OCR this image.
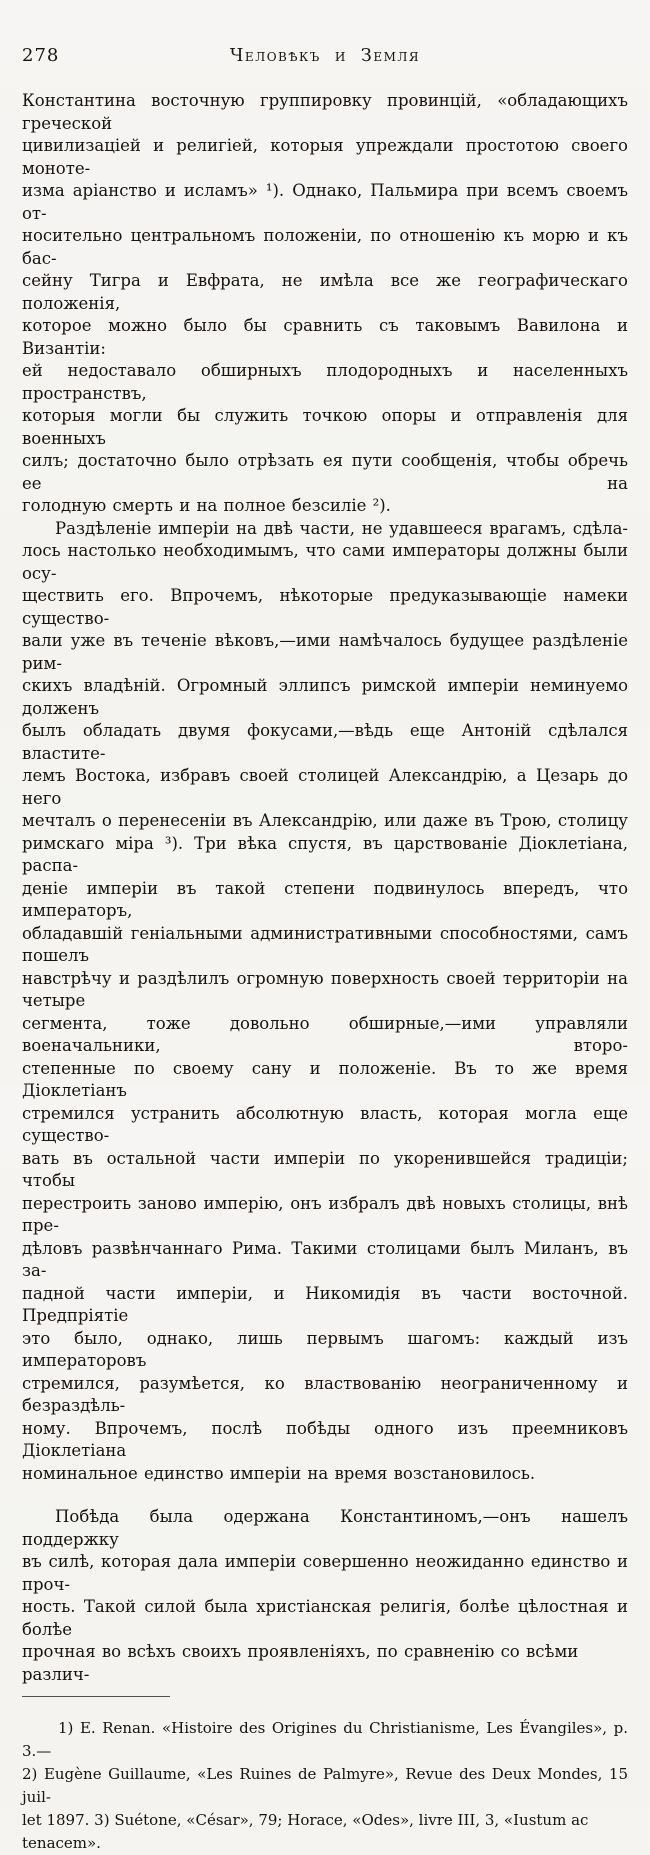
278	Человѣкъ и Земля
Константина восточную группировку провинцій, «обладающихъ греческой
цивилизаціей и религіей, которыя упреждали простотою своего моноте-
изма аріанство и исламъ» ¹). Однако, Пальмира при всемъ своемъ от-
носительно центральномъ положеніи, по отношенію къ морю и къ бас-
сейну Тигра и Евфрата, не имѣла все же географическаго положенія,
которое можно было бы сравнить съ таковымъ Вавилона и Византіи:
ей недоставало обширныхъ плодородныхъ и населенныхъ пространствъ,
которыя могли бы служить точкою опоры и отправленія для военныхъ
силъ; достаточно было отрѣзать ея пути сообщенія, чтобы обречь ее на
голодную смерть и на полное безсиліе ²).
Раздѣленіе имперіи на двѣ части, не удавшееся врагамъ, сдѣла-
лось настолько необходимымъ, что сами императоры должны были осу-
ществить его. Впрочемъ, нѣкоторые предуказывающіе намеки существо-
вали уже въ теченіе вѣковъ,—ими намѣчалось будущее раздѣленіе рим-
скихъ владѣній. Огромный эллипсъ римской имперіи неминуемо долженъ
былъ обладать двумя фокусами,—вѣдь еще Антоній сдѣлался властите-
лемъ Востока, избравъ своей столицей Александрію, а Цезарь до него
мечталъ о перенесеніи въ Александрію, или даже въ Трою, столицу
римскаго міра ³). Три вѣка спустя, въ царствованіе Діоклетіана, распа-
деніе имперіи въ такой степени подвинулось впередъ, что императоръ,
обладавшій геніальными административными способностями, самъ пошелъ
навстрѣчу и раздѣлилъ огромную поверхность своей территоріи на четыре
сегмента, тоже довольно обширные,—ими управляли военачальники, второ-
степенные по своему сану и положеніе. Въ то же время Діоклетіанъ
стремился устранить абсолютную власть, которая могла еще существо-
вать въ остальной части имперіи по укоренившейся традиціи; чтобы
перестроить заново имперію, онъ избралъ двѣ новыхъ столицы, внѣ пре-
дѣловъ развѣнчаннаго Рима. Такими столицами былъ Миланъ, въ за-
падной части имперіи, и Никомидія въ части восточной. Предпріятіе
это было, однако, лишь первымъ шагомъ: каждый изъ императоровъ
стремился, разумѣется, ко властвованію неограниченному и безраздѣль-
ному. Впрочемъ, послѣ побѣды одного изъ преемниковъ Діоклетіана
номинальное единство имперіи на время возстановилось.
Побѣда была одержана Константиномъ,—онъ нашелъ поддержку
въ силѣ, которая дала имперіи совершенно неожиданно единство и проч-
ность. Такой силой была христіанская религія, болѣе цѣлостная и болѣе
прочная во всѣхъ своихъ проявленіяхъ, по сравненію со всѣми различ-
1) E. Renan. «Histoire des Origines du Christianisme, Les Évangiles», p. 3.—
2) Eugène Guillaume, «Les Ruines de Palmyre», Revue des Deux Mondes, 15 juil-
let 1897. 3) Suétone, «César», 79; Horace, «Odes», livre III, 3, «Iustum ac tenacem».
